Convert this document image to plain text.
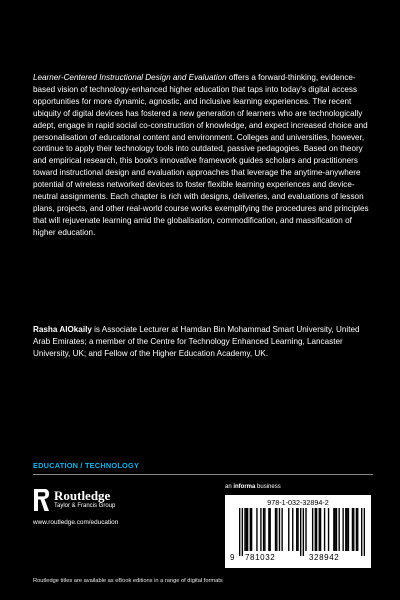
Learner-Centered Instructional Design and Evaluation offers a forward-thinking, evidence-based vision of technology-enhanced higher education that taps into today's digital access opportunities for more dynamic, agnostic, and inclusive learning experiences. The recent ubiquity of digital devices has fostered a new generation of learners who are technologically adept, engage in rapid social co-construction of knowledge, and expect increased choice and personalisation of educational content and environment. Colleges and universities, however, continue to apply their technology tools into outdated, passive pedagogies. Based on theory and empirical research, this book's innovative framework guides scholars and practitioners toward instructional design and evaluation approaches that leverage the anytime-anywhere potential of wireless networked devices to foster flexible learning experiences and device-neutral assignments. Each chapter is rich with designs, deliveries, and evaluations of lesson plans, projects, and other real-world course works exemplifying the procedures and principles that will rejuvenate learning amid the globalisation, commodification, and massification of higher education.

Rasha AlOkaily is Associate Lecturer at Hamdan Bin Mohammad Smart University, United Arab Emirates; a member of the Centre for Technology Enhanced Learning, Lancaster University, UK; and Fellow of the Higher Education Academy, UK.

EDUCATION / TECHNOLOGY
Routledge
Taylor & Francis Group
www.routledge.com/education
an informa business
978-1-032-32894-2
9 781032	328942
Routledge titles are available as eBook editions in a range of digital formats
